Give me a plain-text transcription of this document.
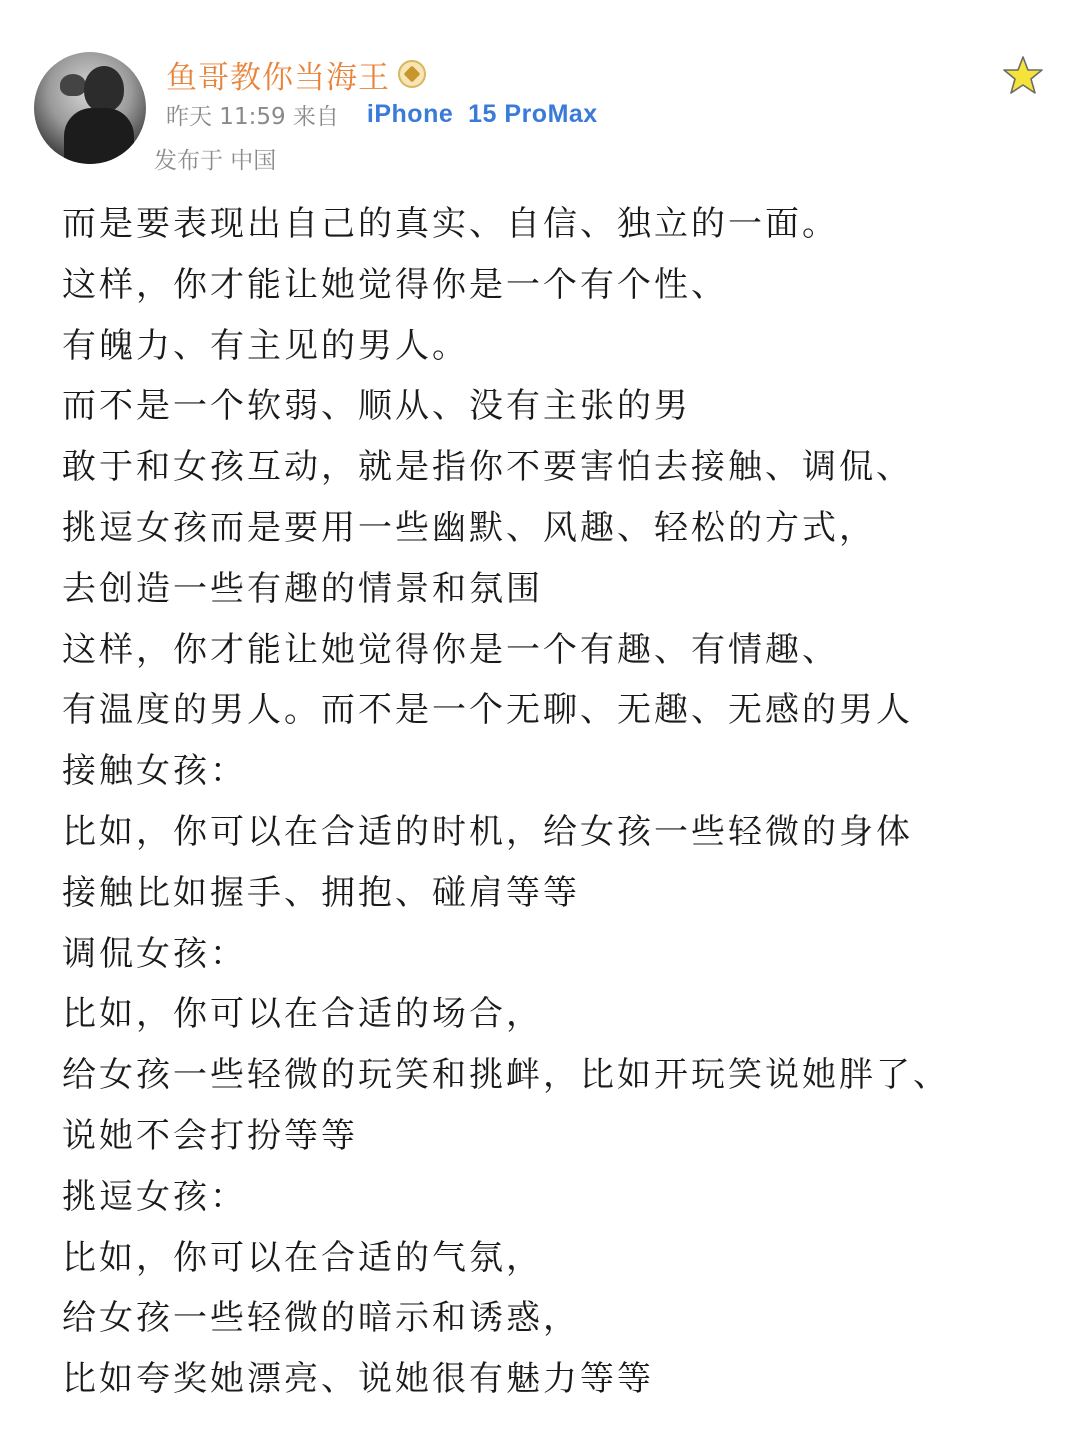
鱼哥教你当海王
昨天 11:59 来自 iPhone  15 ProMax
发布于 中国
而是要表现出自己的真实、自信、独立的一面。
这样，你才能让她觉得你是一个有个性、
有魄力、有主见的男人。
而不是一个软弱、顺从、没有主张的男
敢于和女孩互动，就是指你不要害怕去接触、调侃、
挑逗女孩而是要用一些幽默、风趣、轻松的方式，
去创造一些有趣的情景和氛围
这样，你才能让她觉得你是一个有趣、有情趣、
有温度的男人。而不是一个无聊、无趣、无感的男人
接触女孩：
比如，你可以在合适的时机，给女孩一些轻微的身体
接触比如握手、拥抱、碰肩等等
调侃女孩：
比如，你可以在合适的场合，
给女孩一些轻微的玩笑和挑衅，比如开玩笑说她胖了、
说她不会打扮等等
挑逗女孩：
比如，你可以在合适的气氛，
给女孩一些轻微的暗示和诱惑，
比如夸奖她漂亮、说她很有魅力等等
